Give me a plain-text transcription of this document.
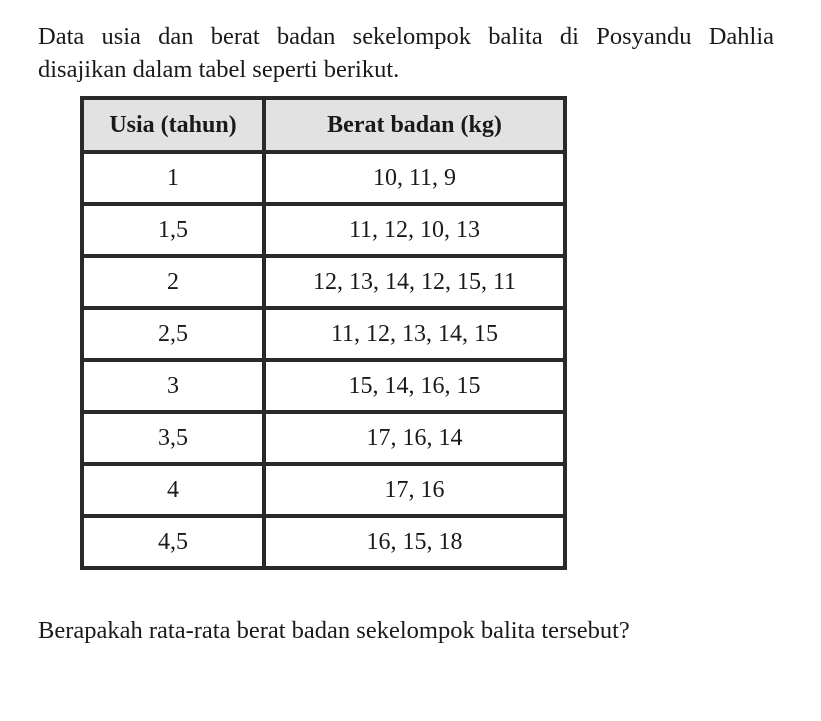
Data usia dan berat badan sekelompok balita di Posyandu Dahlia
disajikan dalam tabel seperti berikut.
Usia (tahun)	Berat badan (kg)
1	10, 11, 9
1,5	11, 12, 10, 13
2	12, 13, 14, 12, 15, 11
2,5	11, 12, 13, 14, 15
3	15, 14, 16, 15
3,5	17, 16, 14
4	17, 16
4,5	16, 15, 18
Berapakah rata-rata berat badan sekelompok balita tersebut?
